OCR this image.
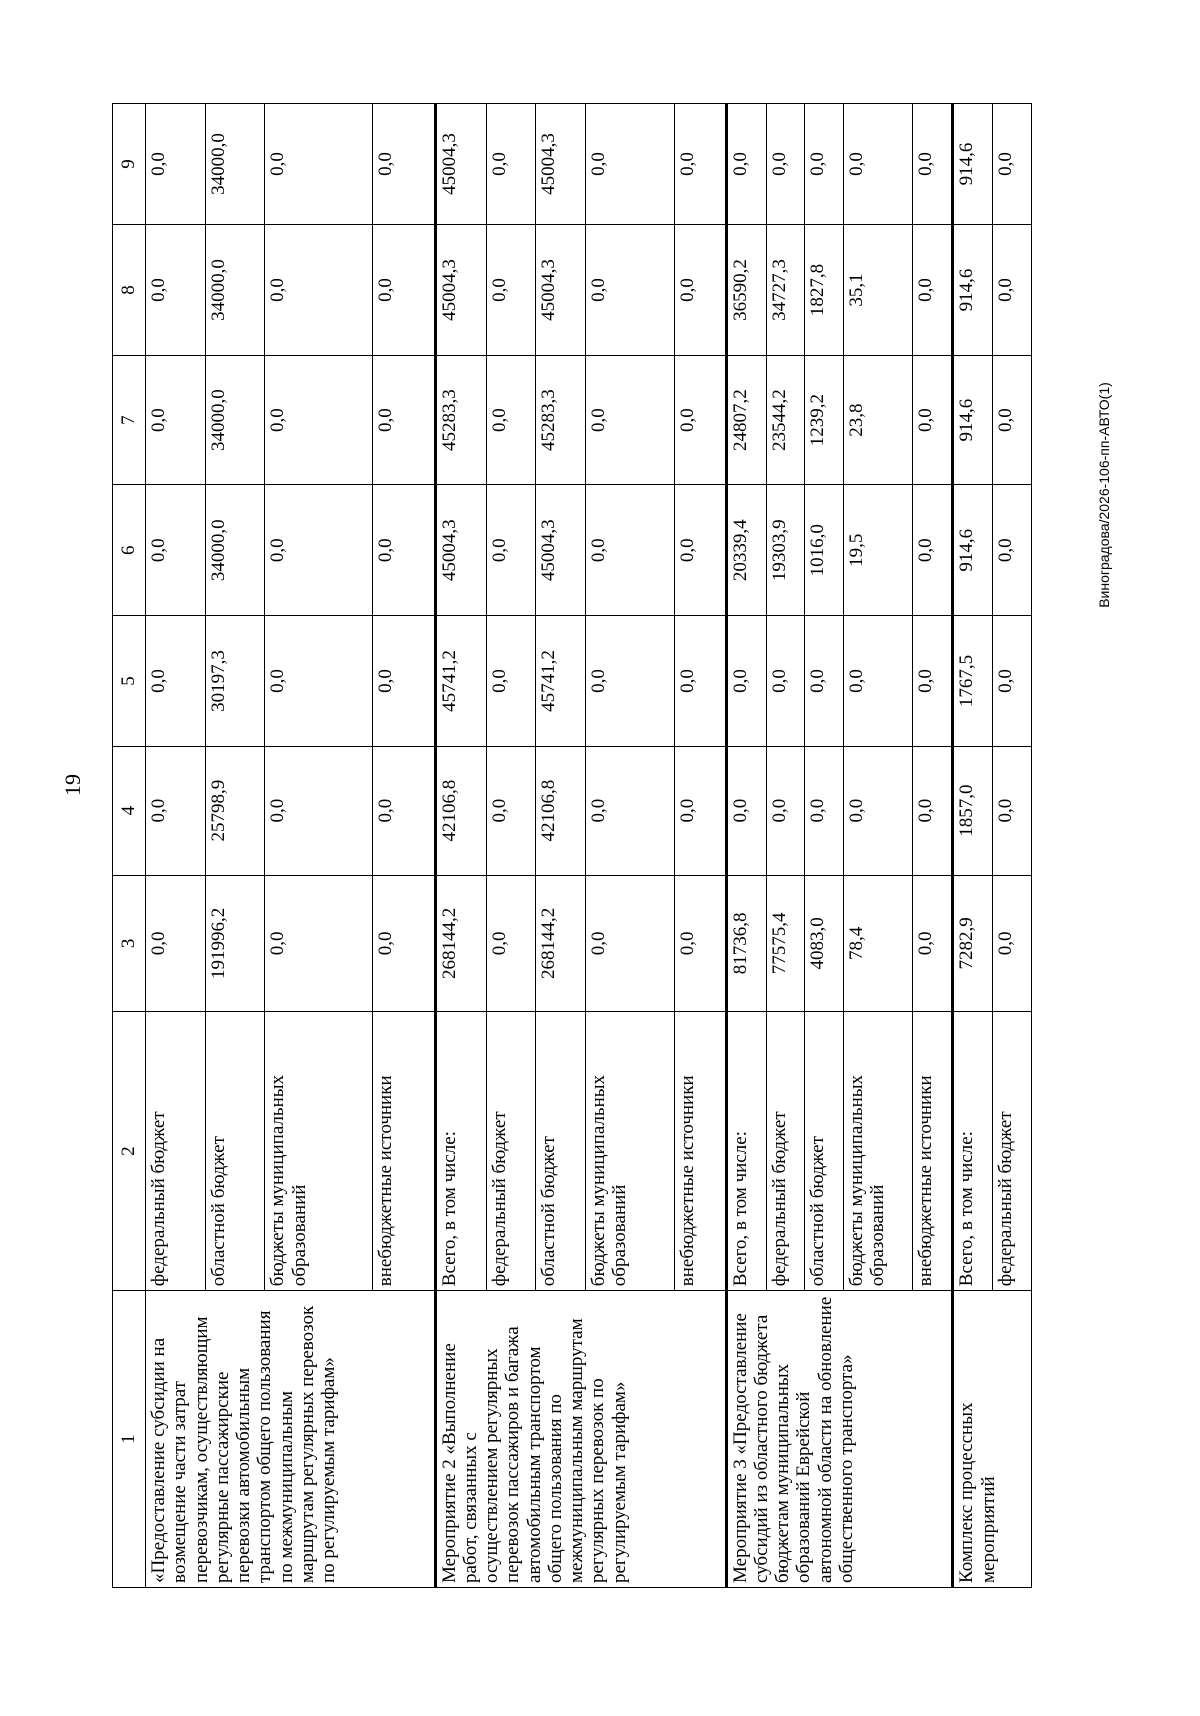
19
Виноградова/2026-106-пп-АВТО(1)
1	2	3	4	5	6	7	8	9
«Предоставление субсидии на возмещение части затрат перевозчикам, осуществляющим регулярные пассажирские перевозки автомобильным транспортом общего пользования по межмуниципальным маршрутам регулярных перевозок по регулируемым тарифам»	федеральный бюджет	0,0	0,0	0,0	0,0	0,0	0,0	0,0
	областной бюджет	191996,2	25798,9	30197,3	34000,0	34000,0	34000,0	34000,0
	бюджеты муниципальных образований	0,0	0,0	0,0	0,0	0,0	0,0	0,0
	внебюджетные источники	0,0	0,0	0,0	0,0	0,0	0,0	0,0
Мероприятие 2 «Выполнение работ, связанных с осуществлением регулярных перевозок пассажиров и багажа автомобильным транспортом общего пользования по межмуниципальным маршрутам регулярных перевозок по регулируемым тарифам»	Всего, в том числе:	268144,2	42106,8	45741,2	45004,3	45283,3	45004,3	45004,3
	федеральный бюджет	0,0	0,0	0,0	0,0	0,0	0,0	0,0
	областной бюджет	268144,2	42106,8	45741,2	45004,3	45283,3	45004,3	45004,3
	бюджеты муниципальных образований	0,0	0,0	0,0	0,0	0,0	0,0	0,0
	внебюджетные источники	0,0	0,0	0,0	0,0	0,0	0,0	0,0
Мероприятие 3 «Предоставление субсидий из областного бюджета бюджетам муниципальных образований Еврейской автономной области на обновление общественного транспорта»	Всего, в том числе:	81736,8	0,0	0,0	20339,4	24807,2	36590,2	0,0
	федеральный бюджет	77575,4	0,0	0,0	19303,9	23544,2	34727,3	0,0
	областной бюджет	4083,0	0,0	0,0	1016,0	1239,2	1827,8	0,0
	бюджеты муниципальных образований	78,4	0,0	0,0	19,5	23,8	35,1	0,0
	внебюджетные источники	0,0	0,0	0,0	0,0	0,0	0,0	0,0
Комплекс процессных мероприятий	Всего, в том числе:	7282,9	1857,0	1767,5	914,6	914,6	914,6	914,6
	федеральный бюджет	0,0	0,0	0,0	0,0	0,0	0,0	0,0
